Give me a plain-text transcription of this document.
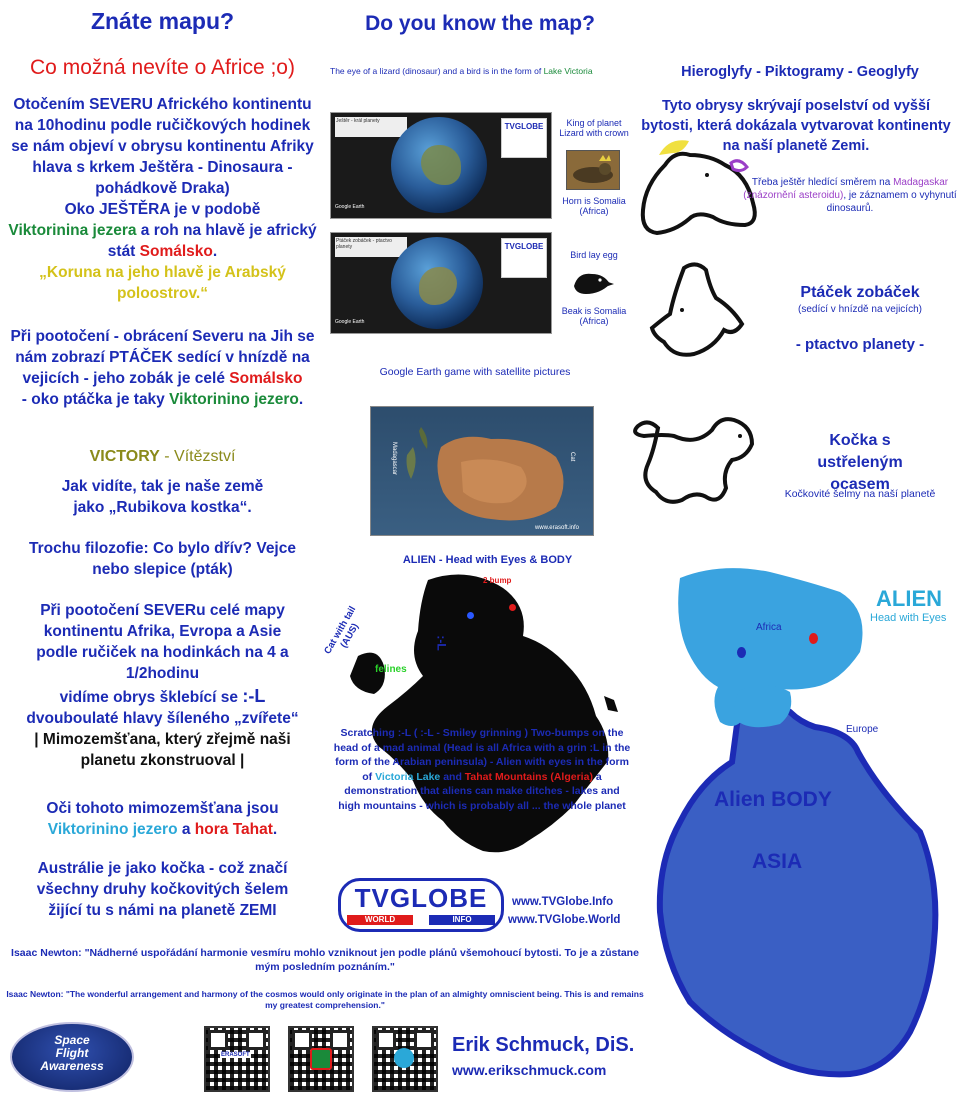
Znáte mapu?	Do you know the map?
Co možná nevíte o Africe ;o)
Otočením SEVERU Afrického kontinentu na 10hodinu podle ručičkových hodinek se nám objeví v obrysu kontinentu Afriky hlava s krkem Ještěra - Dinosaura - pohádkově Draka)
Oko JEŠTĚRA je v podobě
Viktorinina jezera a roh na hlavě je africký stát Somálsko.
„Koruna na jeho hlavě je Arabský poloostrov.“
Při pootočení - obrácení Severu na Jih se nám zobrazí PTÁČEK sedící v hnízdě na vejicích - jeho zobák je celé Somálsko
- oko ptáčka je taky Viktorinino jezero.
VICTORY - Vítězství
Jak vidíte, tak je naše země jako „Rubikova kostka“.
Trochu filozofie: Co bylo dřív? Vejce nebo slepice (pták)
Při pootočení SEVERu celé mapy kontinentu Afrika, Evropa a Asie podle ručiček na hodinkách na 4 a 1/2hodinu
vidíme obrys šklebící se :-L
dvouboulaté hlavy šíleného „zvířete“
| Mimozemšťana, který zřejmě naši planetu zkonstruoval |
Oči tohoto mimozemšťana jsou Viktorinino jezero a hora Tahat.
Austrálie je jako kočka - což značí všechny druhy kočkovitých šelem žijící tu s námi na planetě ZEMI
The eye of a lizard (dinosaur) and a bird is in the form of Lake Victoria
Ještěr - král planety
TVGLOBE
Google Earth
Ptáček zobáček - ptactvo planety	TVGLOBE
Google Earth
King of planet Lizard with crown
Horn is Somalia (Africa)
Bird lay egg
Beak is Somalia (Africa)
Google Earth game with satellite pictures
Madagascar	Cat
www.erasoft.info
ALIEN - Head with Eyes & BODY
2 bump
:-L
Cat with tail (AUS)
felines
Scratching :-L ( :-L - Smiley grinning ) Two-bumps on the head of a mad animal (Head is all Africa with a grin :L in the form of the Arabian peninsula) - Alien with eyes in the form of Victoria Lake and Tahat Mountains (Algeria) a demonstration that aliens can make ditches - lakes and high mountains - which is probably all ... the whole planet
TVGLOBE
WORLD	INFO
www.TVGlobe.Info
www.TVGlobe.World
Hieroglyfy - Piktogramy - Geoglyfy
Tyto obrysy skrývají poselství od vyšší bytosti, která dokázala vytvarovat kontinenty na naší planetě Zemi.
Třeba ještěr hledící směrem na Madagaskar (znázornění asteroidu), je záznamem o vyhynutí dinosaurů.
Ptáček zobáček
(sedící v hnízdě na vejicích)
- ptactvo planety -
Kočka s ustřeleným ocasem
Kočkovité šelmy na naší planetě
Africa
Europe
Alien BODY
ASIA
ALIEN
Head with Eyes
Isaac Newton: "Nádherné uspořádání harmonie vesmíru mohlo vzniknout jen podle plánů všemohoucí bytosti. To je a zůstane mým posledním poznáním."
Isaac Newton: "The wonderful arrangement and harmony of the cosmos would only originate in the plan of an almighty omniscient being. This is and remains my greatest comprehension."
Space
Flight
Awareness
ERASOFT	Erik Schmuck, DiS.
www.erikschmuck.com
